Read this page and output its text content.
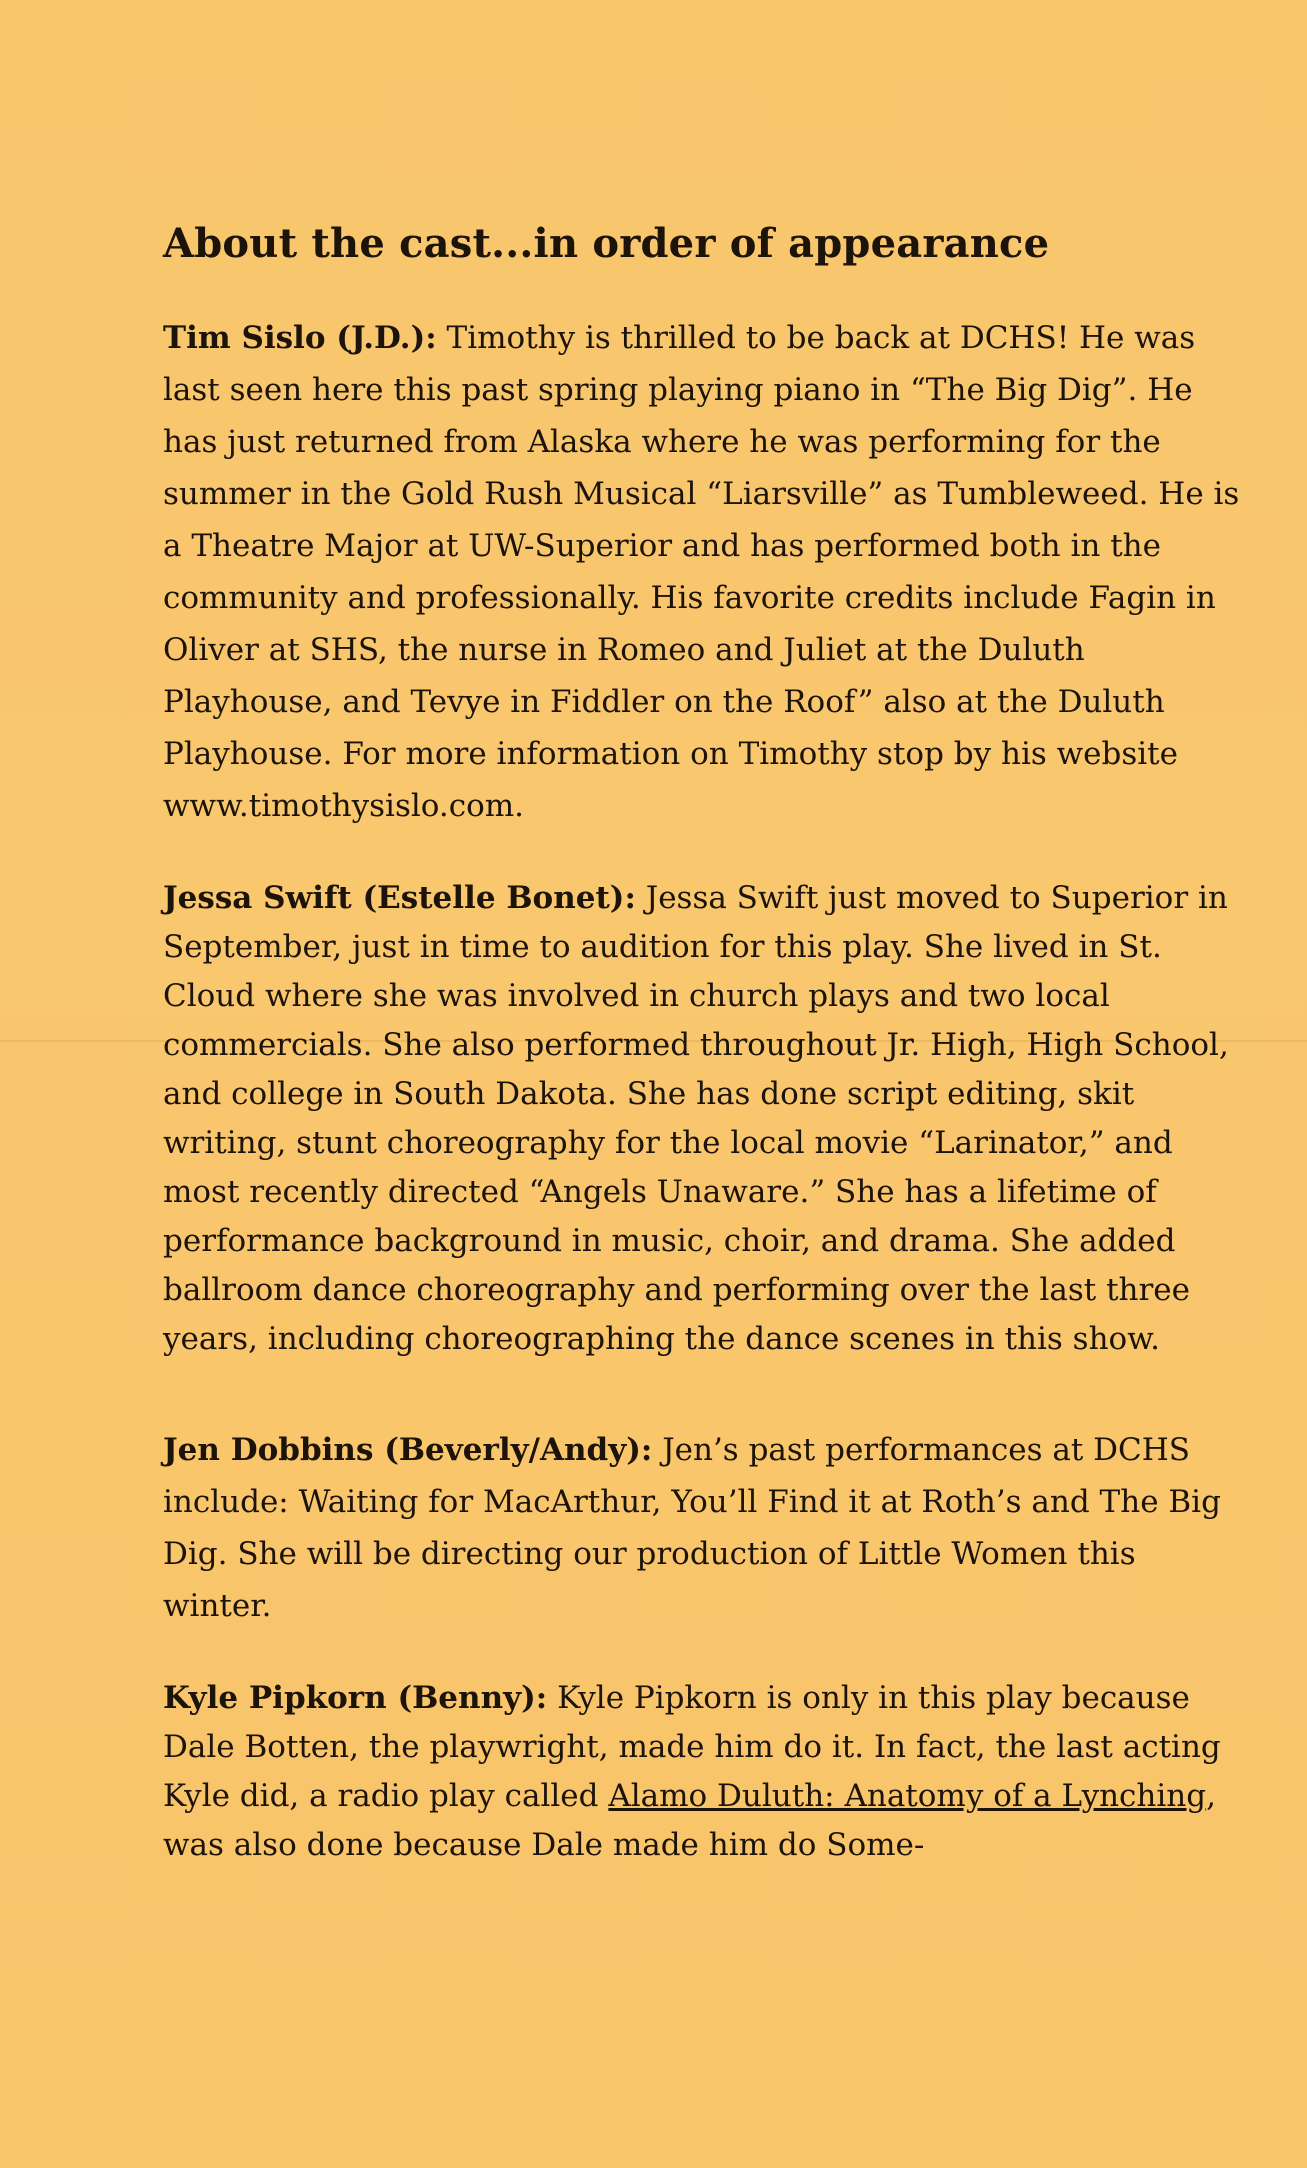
About the cast...in order of appearance

Tim Sislo (J.D.): Timothy is thrilled to be back at DCHS! He was last seen here this past spring playing piano in “The Big Dig”. He has just returned from Alaska where he was performing for the summer in the Gold Rush Musical “Liarsville” as Tumbleweed. He is a Theatre Major at UW-Superior and has performed both in the community and professionally. His favorite credits include Fagin in Oliver at SHS, the nurse in Romeo and Juliet at the Duluth Playhouse, and Tevye in Fiddler on the Roof” also at the Duluth Playhouse. For more information on Timothy stop by his website www.timothysislo.com.

Jessa Swift (Estelle Bonet): Jessa Swift just moved to Superior in September, just in time to audition for this play. She lived in St. Cloud where she was involved in church plays and two local commercials. She also performed throughout Jr. High, High School, and college in South Dakota. She has done script editing, skit writing, stunt choreography for the local movie “Larinator,” and most recently directed “Angels Unaware.” She has a lifetime of performance background in music, choir, and drama. She added ballroom dance choreography and performing over the last three years, including choreographing the dance scenes in this show.

Jen Dobbins (Beverly/Andy): Jen’s past performances at DCHS include: Waiting for MacArthur, You’ll Find it at Roth’s and The Big Dig. She will be directing our production of Little Women this winter.

Kyle Pipkorn (Benny): Kyle Pipkorn is only in this play because Dale Botten, the playwright, made him do it. In fact, the last acting Kyle did, a radio play called Alamo Duluth: Anatomy of a Lynching, was also done because Dale made him do Some-
